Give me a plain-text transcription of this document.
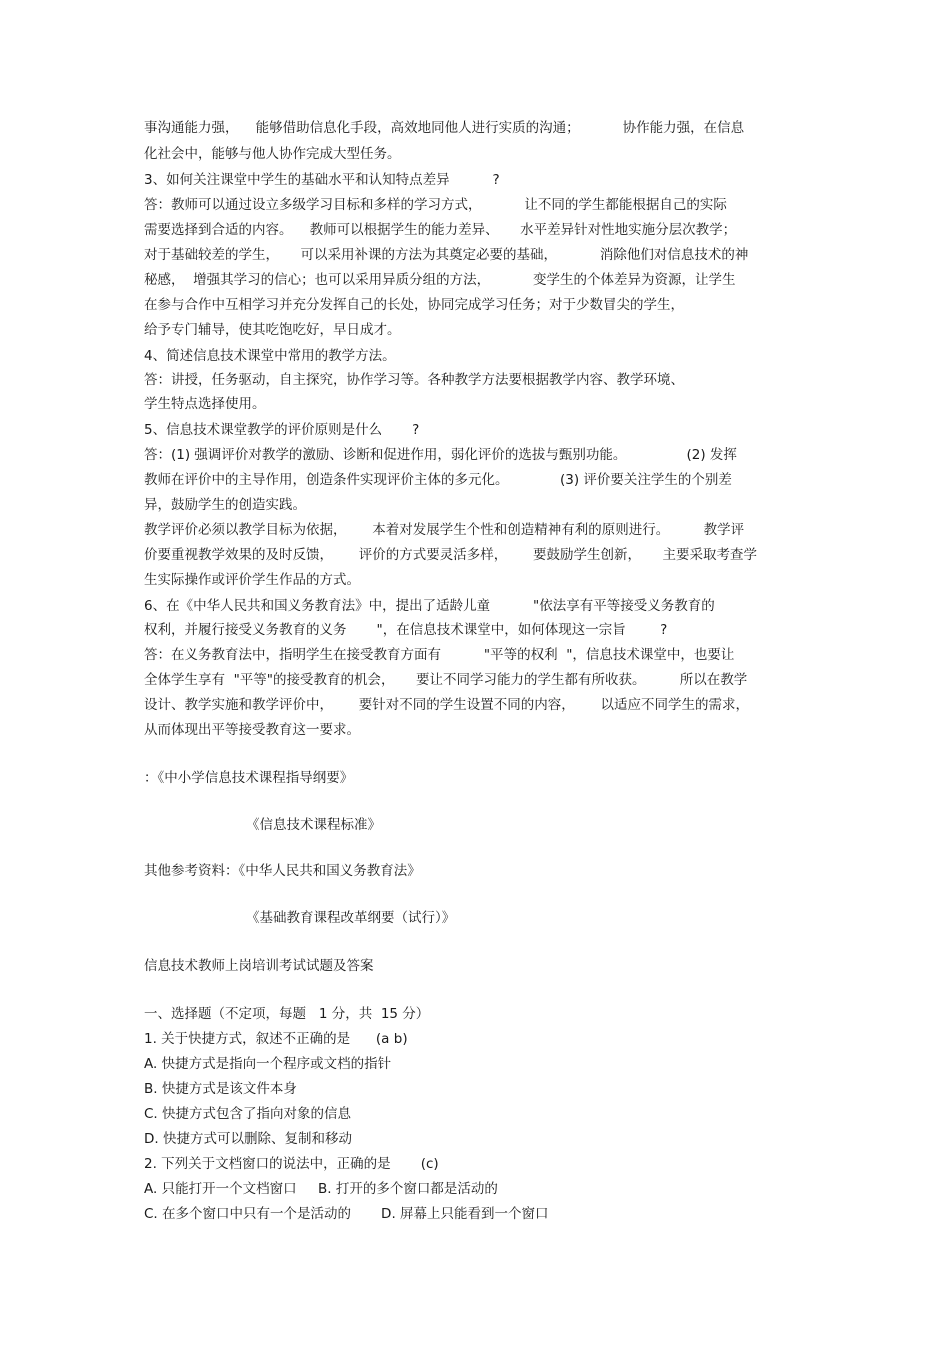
事沟通能力强，    能够借助信息化手段，高效地同他人进行实质的沟通；          协作能力强，在信息
化社会中，能够与他人协作完成大型任务。
3、如何关注课堂中学生的基础水平和认知特点差异          ?
答：教师可以通过设立多级学习目标和多样的学习方式，          让不同的学生都能根据自己的实际
需要选择到合适的内容。    教师可以根据学生的能力差异、     水平差异针对性地实施分层次教学；
对于基础较差的学生，     可以采用补课的方法为其奠定必要的基础，          消除他们对信息技术的神
秘感，  增强其学习的信心；也可以采用异质分组的方法，          变学生的个体差异为资源，让学生
在参与合作中互相学习并充分发挥自己的长处，协同完成学习任务；对于少数冒尖的学生，
给予专门辅导，使其吃饱吃好，早日成才。
4、简述信息技术课堂中常用的教学方法。
答：讲授，任务驱动，自主探究，协作学习等。各种教学方法要根据教学内容、教学环境、
学生特点选择使用。
5、信息技术课堂教学的评价原则是什么       ?
答：(1) 强调评价对教学的激励、诊断和促进作用，弱化评价的选拔与甄别功能。              (2) 发挥
教师在评价中的主导作用，创造条件实现评价主体的多元化。            (3) 评价要关注学生的个别差
异，鼓励学生的创造实践。
教学评价必须以教学目标为依据，      本着对发展学生个性和创造精神有利的原则进行。        教学评
价要重视教学效果的及时反馈，      评价的方式要灵活多样，      要鼓励学生创新，     主要采取考查学
生实际操作或评价学生作品的方式。
6、在《中华人民共和国义务教育法》中，提出了适龄儿童          "依法享有平等接受义务教育的
权利，并履行接受义务教育的义务       "，在信息技术课堂中，如何体现这一宗旨        ?
答：在义务教育法中，指明学生在接受教育方面有          "平等的权利  "，信息技术课堂中，也要让
全体学生享有  "平等"的接受教育的机会，     要让不同学习能力的学生都有所收获。        所以在教学
设计、教学实施和教学评价中，      要针对不同的学生设置不同的内容，      以适应不同学生的需求，
从而体现出平等接受教育这一要求。
：《中小学信息技术课程指导纲要》
《信息技术课程标准》
其他参考资料：《中华人民共和国义务教育法》
《基础教育课程改革纲要（试行）》
信息技术教师上岗培训考试试题及答案
一、选择题（不定项，每题   1 分，共  15 分）
1. 关于快捷方式，叙述不正确的是      (a b)
A. 快捷方式是指向一个程序或文档的指针
B. 快捷方式是该文件本身
C. 快捷方式包含了指向对象的信息
D. 快捷方式可以删除、复制和移动
2. 下列关于文档窗口的说法中，正确的是       (c)
A. 只能打开一个文档窗口     B. 打开的多个窗口都是活动的
C. 在多个窗口中只有一个是活动的       D. 屏幕上只能看到一个窗口
